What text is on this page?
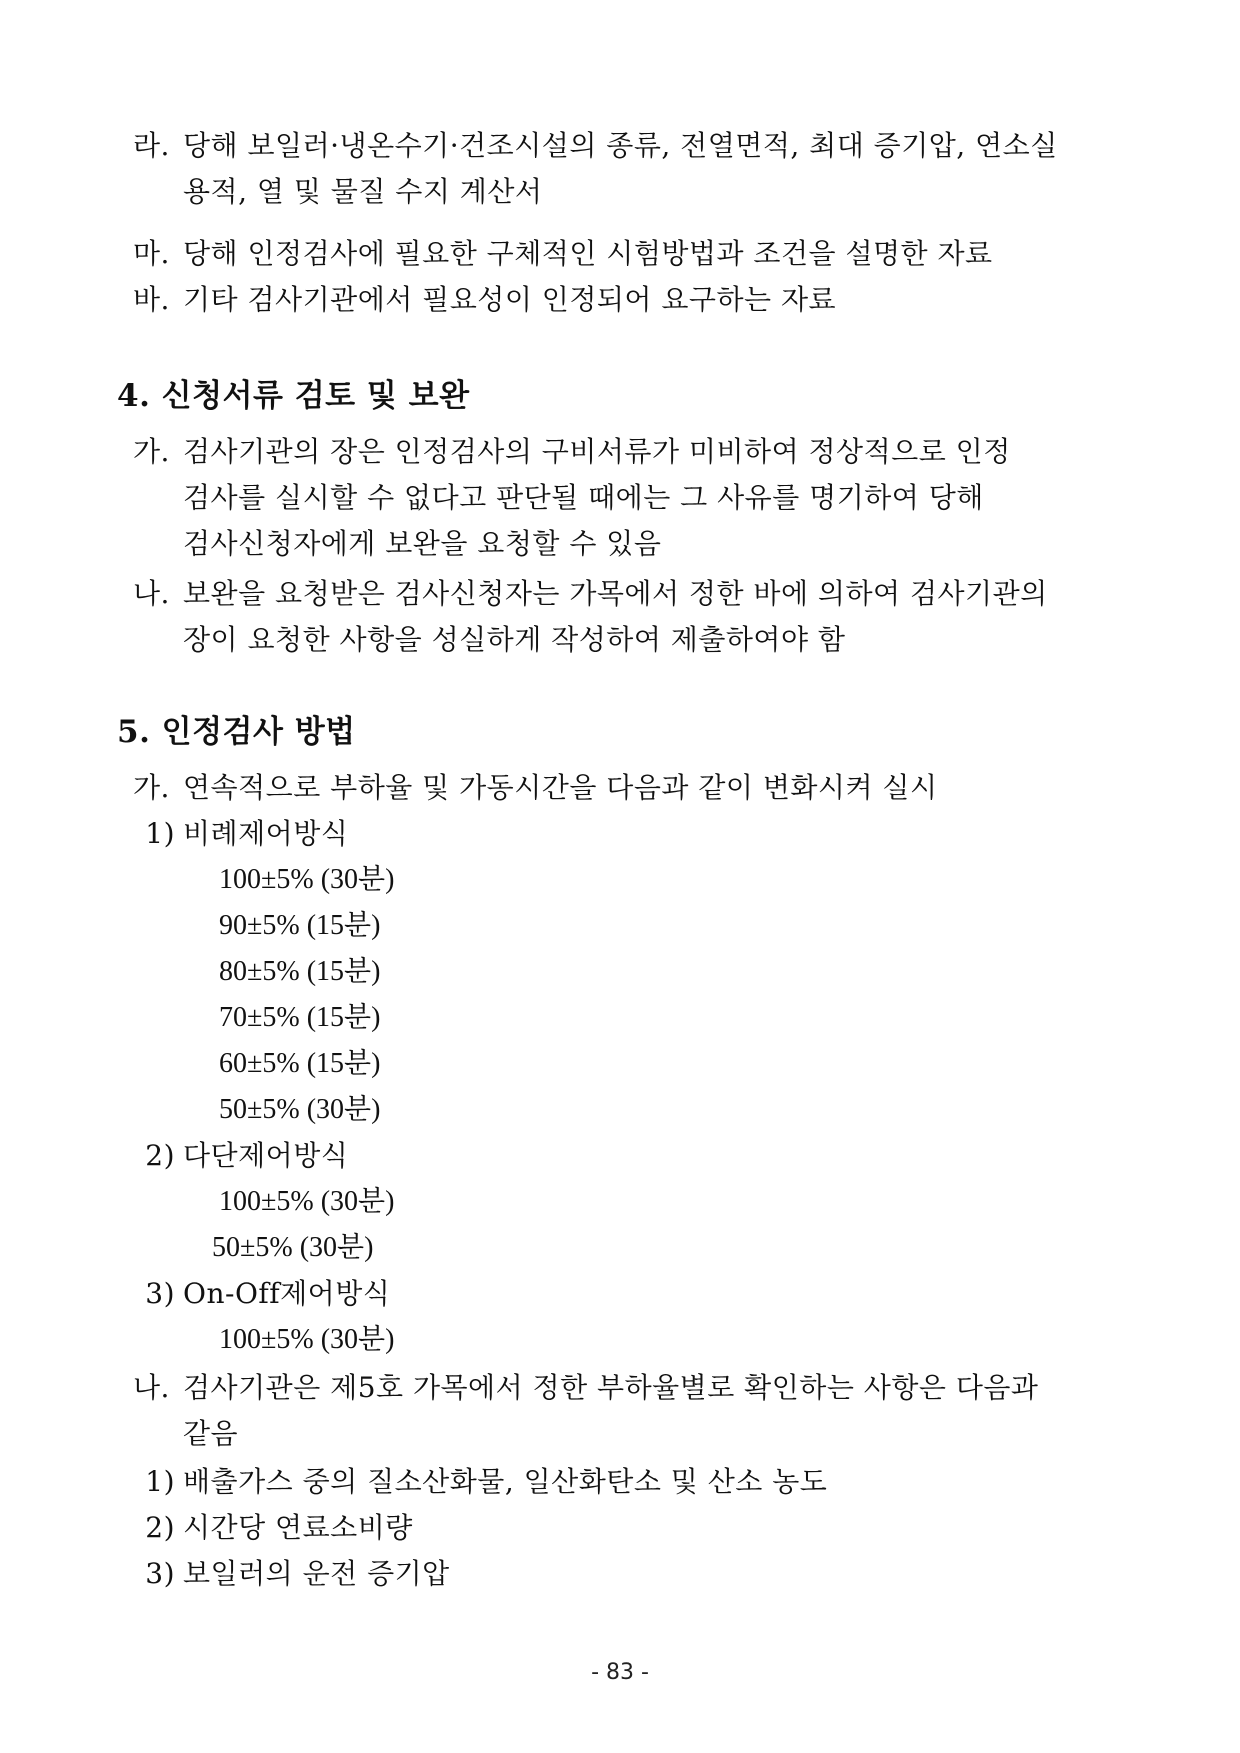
라. 당해 보일러·냉온수기·건조시설의 종류, 전열면적, 최대 증기압, 연소실
용적, 열 및 물질 수지 계산서
마. 당해 인정검사에 필요한 구체적인 시험방법과 조건을 설명한 자료
바. 기타 검사기관에서 필요성이 인정되어 요구하는 자료
4. 신청서류 검토 및 보완
가. 검사기관의 장은 인정검사의 구비서류가 미비하여 정상적으로 인정
검사를 실시할 수 없다고 판단될 때에는 그 사유를 명기하여 당해
검사신청자에게 보완을 요청할 수 있음
나. 보완을 요청받은 검사신청자는 가목에서 정한 바에 의하여 검사기관의
장이 요청한 사항을 성실하게 작성하여 제출하여야 함
5. 인정검사 방법
가. 연속적으로 부하율 및 가동시간을 다음과 같이 변화시켜 실시
1) 비례제어방식
100±5% (30분)
90±5% (15분)
80±5% (15분)
70±5% (15분)
60±5% (15분)
50±5% (30분)
2) 다단제어방식
100±5% (30분)
50±5% (30분)
3) On-Off제어방식
100±5% (30분)
나. 검사기관은 제5호 가목에서 정한 부하율별로 확인하는 사항은 다음과
같음
1) 배출가스 중의 질소산화물, 일산화탄소 및 산소 농도
2) 시간당 연료소비량
3) 보일러의 운전 증기압
- 83 -
